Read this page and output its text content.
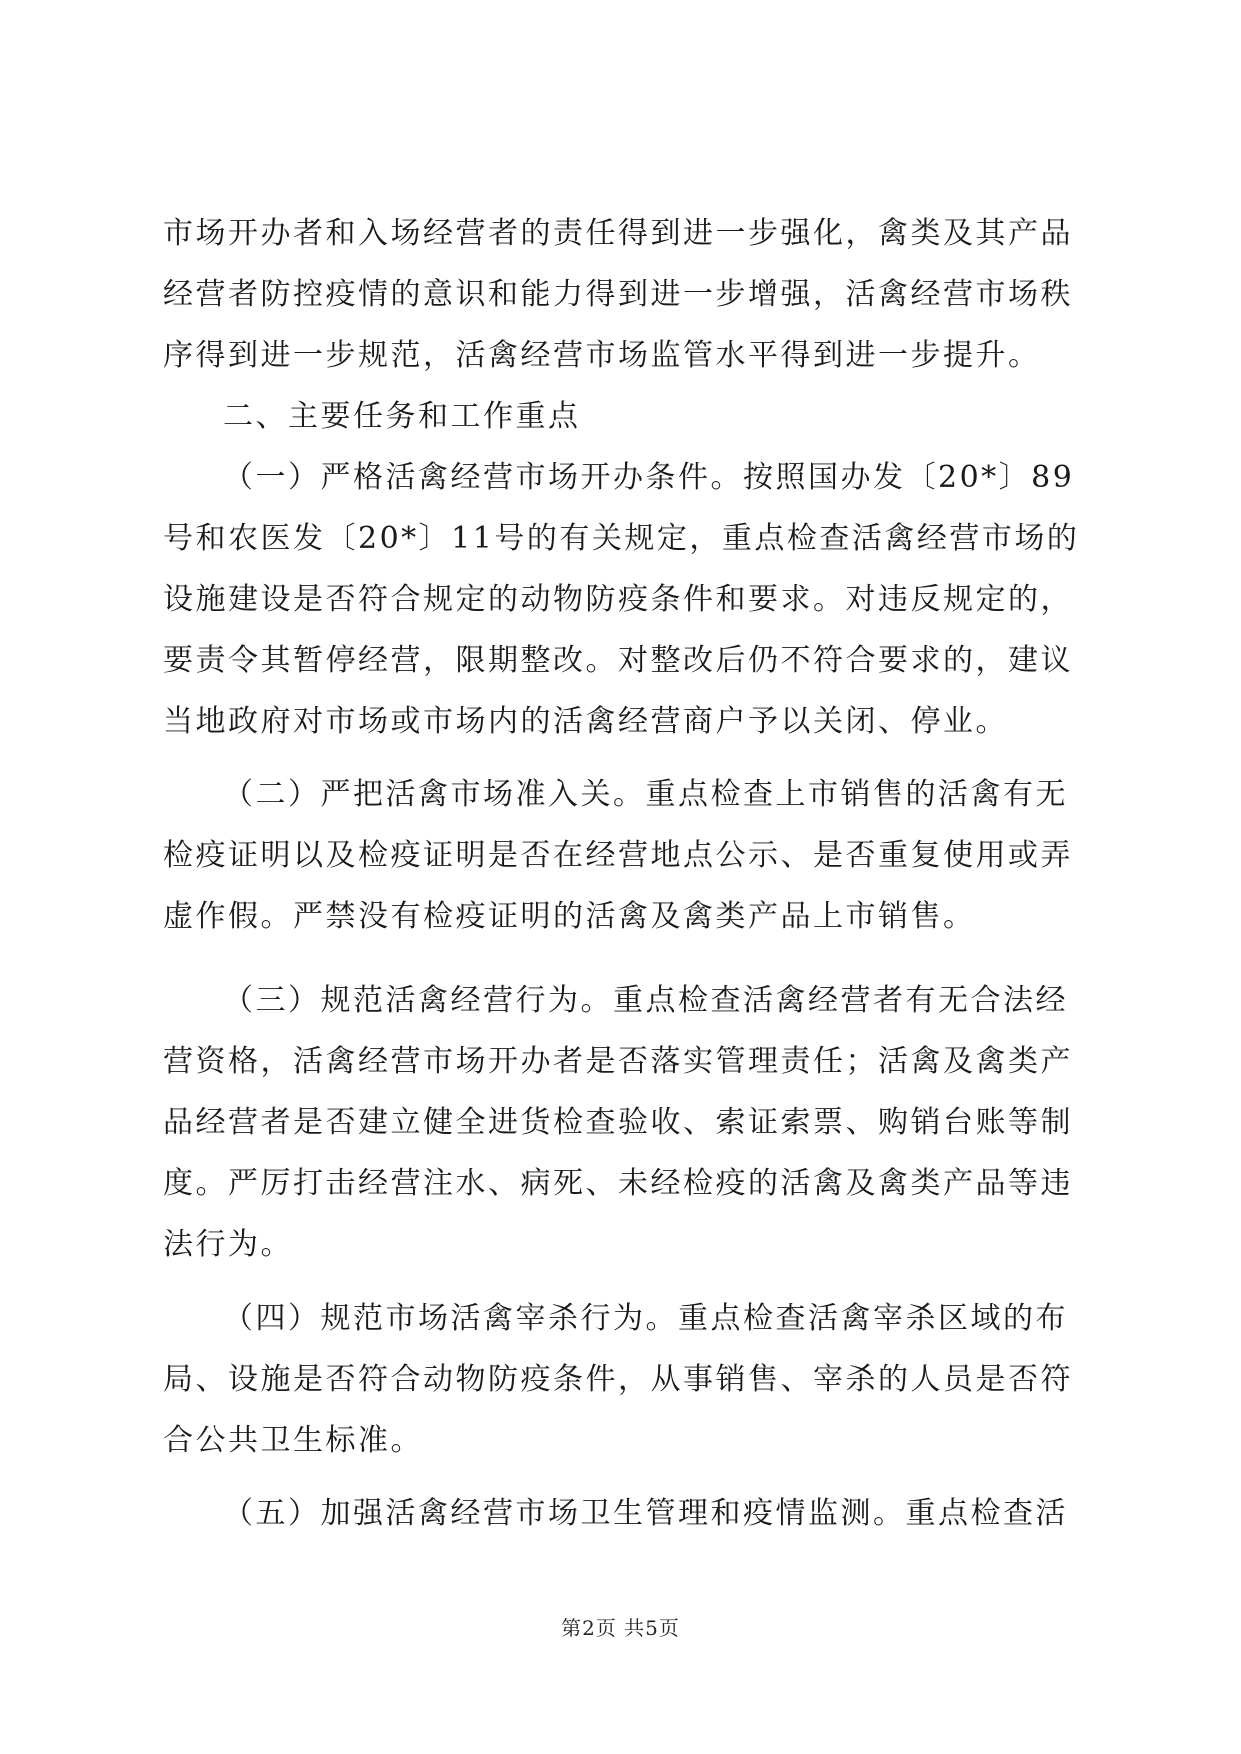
市场开办者和入场经营者的责任得到进一步强化，禽类及其产品
经营者防控疫情的意识和能力得到进一步增强，活禽经营市场秩
序得到进一步规范，活禽经营市场监管水平得到进一步提升。
二、主要任务和工作重点
（一）严格活禽经营市场开办条件。按照国办发〔20*〕89
号和农医发〔20*〕11号的有关规定，重点检查活禽经营市场的
设施建设是否符合规定的动物防疫条件和要求。对违反规定的，
要责令其暂停经营，限期整改。对整改后仍不符合要求的，建议
当地政府对市场或市场内的活禽经营商户予以关闭、停业。
（二）严把活禽市场准入关。重点检查上市销售的活禽有无
检疫证明以及检疫证明是否在经营地点公示、是否重复使用或弄
虚作假。严禁没有检疫证明的活禽及禽类产品上市销售。
（三）规范活禽经营行为。重点检查活禽经营者有无合法经
营资格，活禽经营市场开办者是否落实管理责任；活禽及禽类产
品经营者是否建立健全进货检查验收、索证索票、购销台账等制
度。严厉打击经营注水、病死、未经检疫的活禽及禽类产品等违
法行为。
（四）规范市场活禽宰杀行为。重点检查活禽宰杀区域的布
局、设施是否符合动物防疫条件，从事销售、宰杀的人员是否符
合公共卫生标准。
（五）加强活禽经营市场卫生管理和疫情监测。重点检查活
第2页 共5页
